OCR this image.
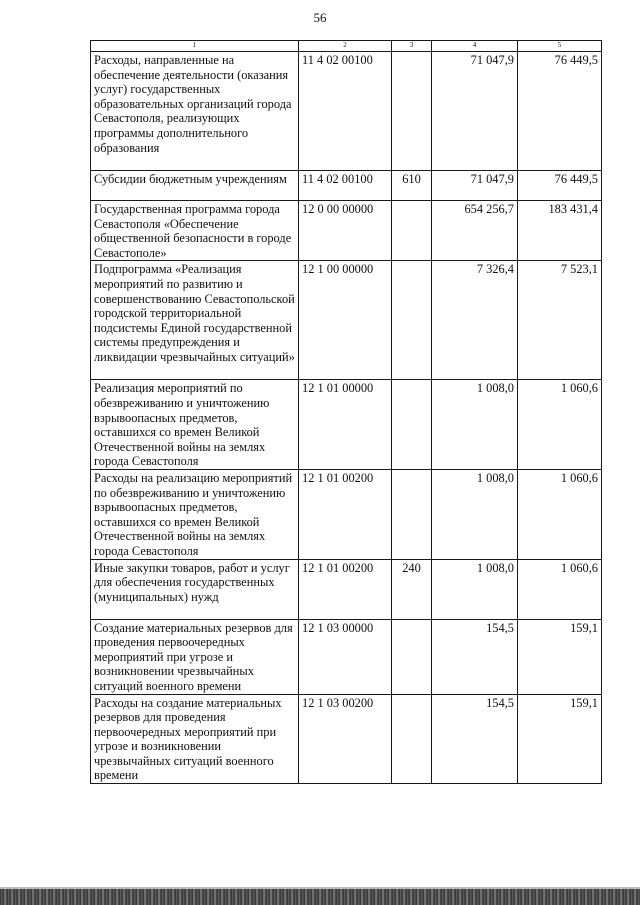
56
1	2	3	4	5
Расходы, направленные на обеспечение деятельности (оказания услуг) государственных образовательных организаций города Севастополя, реализующих программы дополнительного образования	11 4 02 00100		71 047,9	76 449,5
Субсидии бюджетным учреждениям	11 4 02 00100	610	71 047,9	76 449,5
Государственная программа города Севастополя «Обеспечение общественной безопасности в городе Севастополе»	12 0 00 00000		654 256,7	183 431,4
Подпрограмма «Реализация мероприятий по развитию и совершенствованию Севастопольской городской территориальной подсистемы Единой государственной системы предупреждения и ликвидации чрезвычайных ситуаций»	12 1 00 00000		7 326,4	7 523,1
Реализация мероприятий по обезвреживанию и уничтожению взрывоопасных предметов, оставшихся со времен Великой Отечественной войны на землях города Севастополя	12 1 01 00000		1 008,0	1 060,6
Расходы на реализацию мероприятий по обезвреживанию и уничтожению взрывоопасных предметов, оставшихся со времен Великой Отечественной войны на землях города Севастополя	12 1 01 00200		1 008,0	1 060,6
Иные закупки товаров, работ и услуг для обеспечения государственных (муниципальных) нужд	12 1 01 00200	240	1 008,0	1 060,6
Создание материальных резервов для проведения первоочередных мероприятий при угрозе и возникновении чрезвычайных ситуаций военного времени	12 1 03 00000		154,5	159,1
Расходы на создание материальных резервов для проведения первоочередных мероприятий при угрозе и возникновении чрезвычайных ситуаций военного времени	12 1 03 00200		154,5	159,1
